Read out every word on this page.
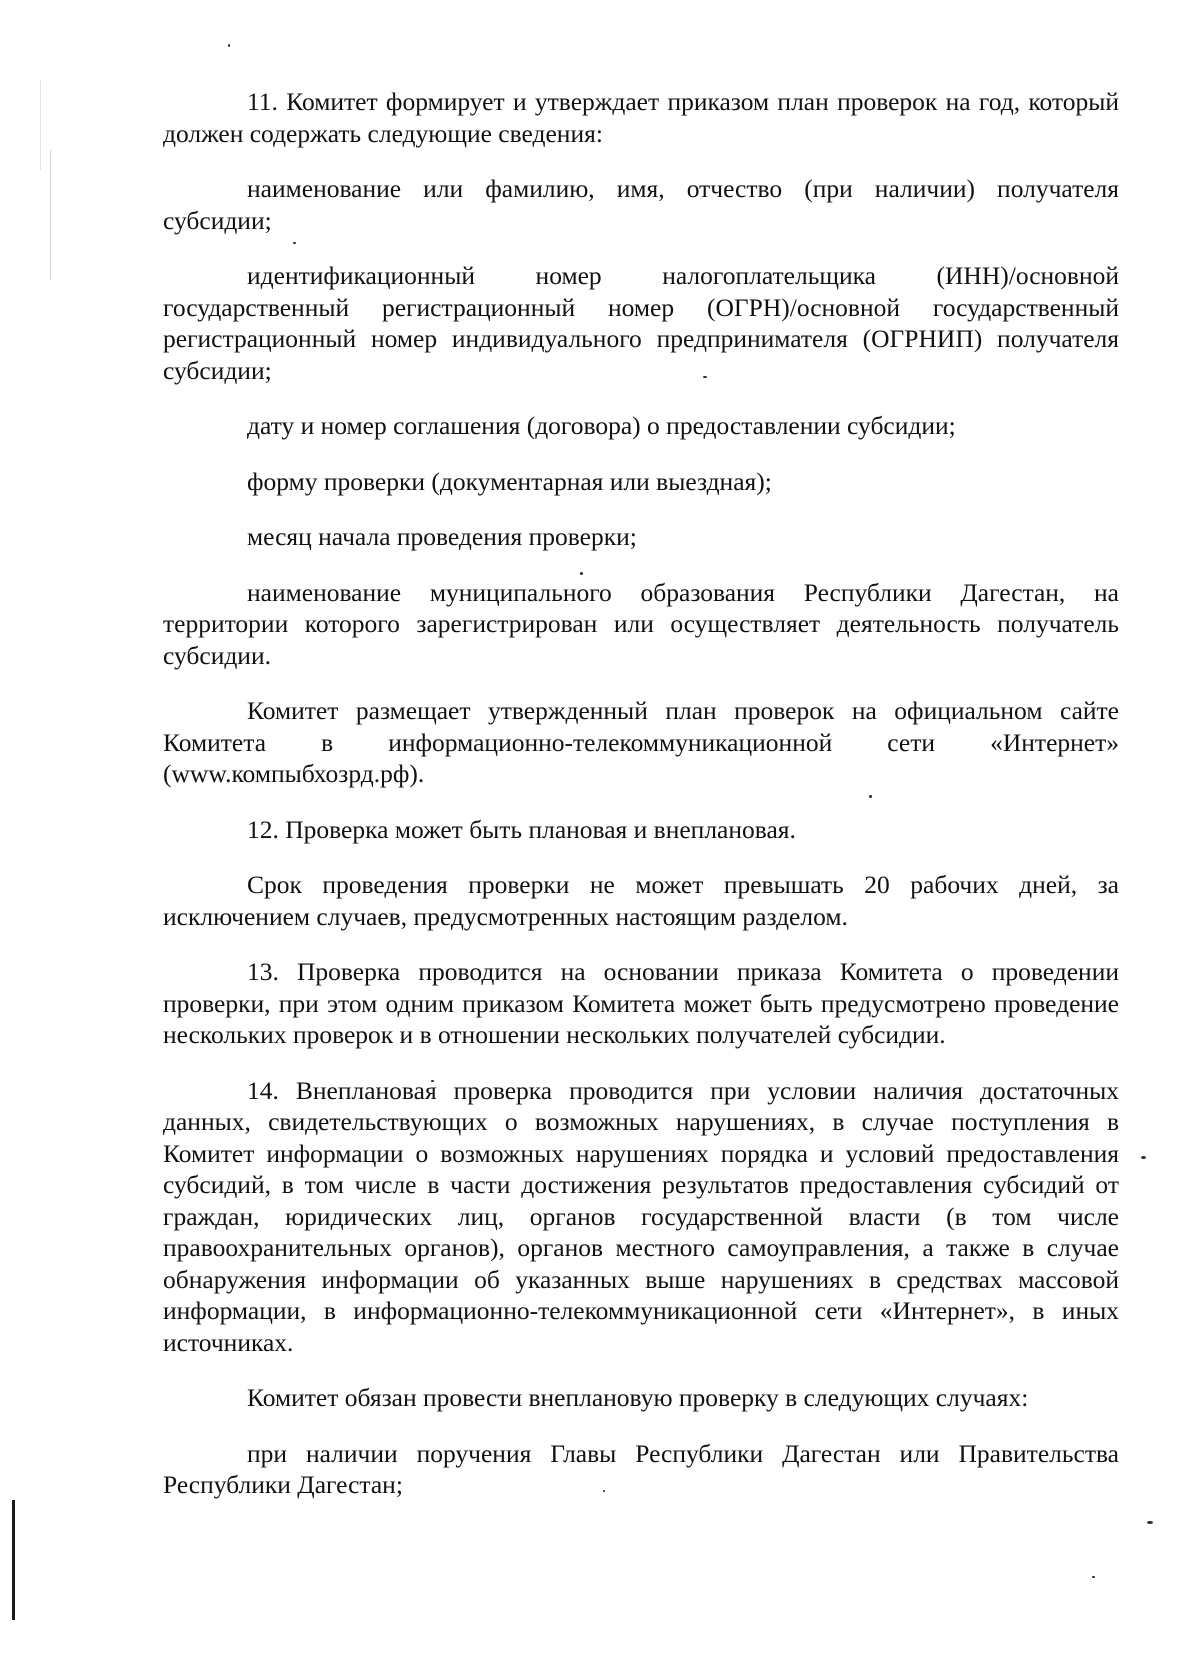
11. Комитет формирует и утверждает приказом план проверок на год, который должен содержать следующие сведения:

наименование или фамилию, имя, отчество (при наличии) получателя субсидии;

идентификационный номер налогоплательщика (ИНН)/основной государственный регистрационный номер (ОГРН)/основной государственный регистрационный номер индивидуального предпринимателя (ОГРНИП) получателя субсидии;

дату и номер соглашения (договора) о предоставлении субсидии;

форму проверки (документарная или выездная);

месяц начала проведения проверки;

наименование муниципального образования Республики Дагестан, на территории которого зарегистрирован или осуществляет деятельность получатель субсидии.

Комитет размещает утвержденный план проверок на официальном сайте Комитета в информационно-телекоммуникационной сети «Интернет» (www.компыбхозрд.рф).

12. Проверка может быть плановая и внеплановая.

Срок проведения проверки не может превышать 20 рабочих дней, за исключением случаев, предусмотренных настоящим разделом.

13. Проверка проводится на основании приказа Комитета о проведении проверки, при этом одним приказом Комитета может быть предусмотрено проведение нескольких проверок и в отношении нескольких получателей субсидии.

14. Внеплановая проверка проводится при условии наличия достаточных данных, свидетельствующих о возможных нарушениях, в случае поступления в Комитет информации о возможных нарушениях порядка и условий предоставления субсидий, в том числе в части достижения результатов предоставления субсидий от граждан, юридических лиц, органов государственной власти (в том числе правоохранительных органов), органов местного самоуправления, а также в случае обнаружения информации об указанных выше нарушениях в средствах массовой информации, в информационно-телекоммуникационной сети «Интернет», в иных источниках.

Комитет обязан провести внеплановую проверку в следующих случаях:

при наличии поручения Главы Республики Дагестан или Правительства Республики Дагестан;
